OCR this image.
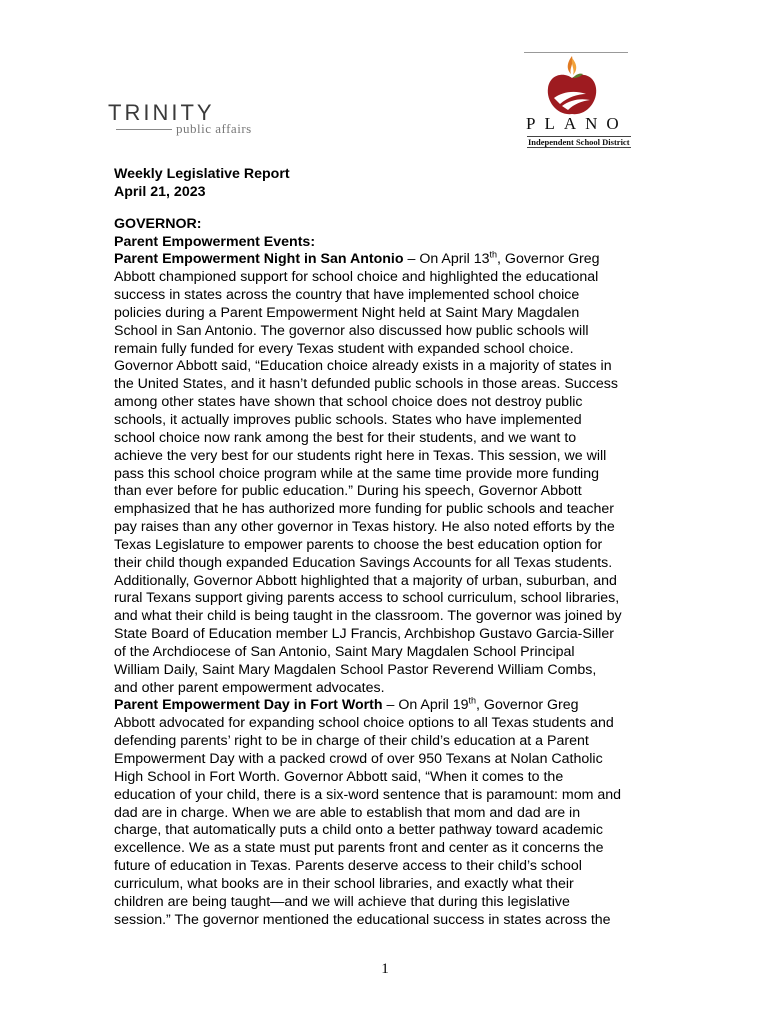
TRINITY
public affairs	PLANO
Independent School District

Weekly Legislative Report

April 21, 2023

GOVERNOR:

Parent Empowerment Events:

Parent Empowerment Night in San Antonio – On April 13th, Governor Greg
Abbott championed support for school choice and highlighted the educational
success in states across the country that have implemented school choice
policies during a Parent Empowerment Night held at Saint Mary Magdalen
School in San Antonio. The governor also discussed how public schools will
remain fully funded for every Texas student with expanded school choice.
Governor Abbott said, “Education choice already exists in a majority of states in
the United States, and it hasn’t defunded public schools in those areas. Success
among other states have shown that school choice does not destroy public
schools, it actually improves public schools. States who have implemented
school choice now rank among the best for their students, and we want to
achieve the very best for our students right here in Texas. This session, we will
pass this school choice program while at the same time provide more funding
than ever before for public education.” During his speech, Governor Abbott
emphasized that he has authorized more funding for public schools and teacher
pay raises than any other governor in Texas history. He also noted efforts by the
Texas Legislature to empower parents to choose the best education option for
their child though expanded Education Savings Accounts for all Texas students.
Additionally, Governor Abbott highlighted that a majority of urban, suburban, and
rural Texans support giving parents access to school curriculum, school libraries,
and what their child is being taught in the classroom. The governor was joined by
State Board of Education member LJ Francis, Archbishop Gustavo Garcia-Siller
of the Archdiocese of San Antonio, Saint Mary Magdalen School Principal
William Daily, Saint Mary Magdalen School Pastor Reverend William Combs,
and other parent empowerment advocates.
Parent Empowerment Day in Fort Worth – On April 19th, Governor Greg
Abbott advocated for expanding school choice options to all Texas students and
defending parents’ right to be in charge of their child’s education at a Parent
Empowerment Day with a packed crowd of over 950 Texans at Nolan Catholic
High School in Fort Worth. Governor Abbott said, “When it comes to the
education of your child, there is a six-word sentence that is paramount: mom and
dad are in charge. When we are able to establish that mom and dad are in
charge, that automatically puts a child onto a better pathway toward academic
excellence. We as a state must put parents front and center as it concerns the
future of education in Texas. Parents deserve access to their child’s school
curriculum, what books are in their school libraries, and exactly what their
children are being taught—and we will achieve that during this legislative
session.” The governor mentioned the educational success in states across the
1
